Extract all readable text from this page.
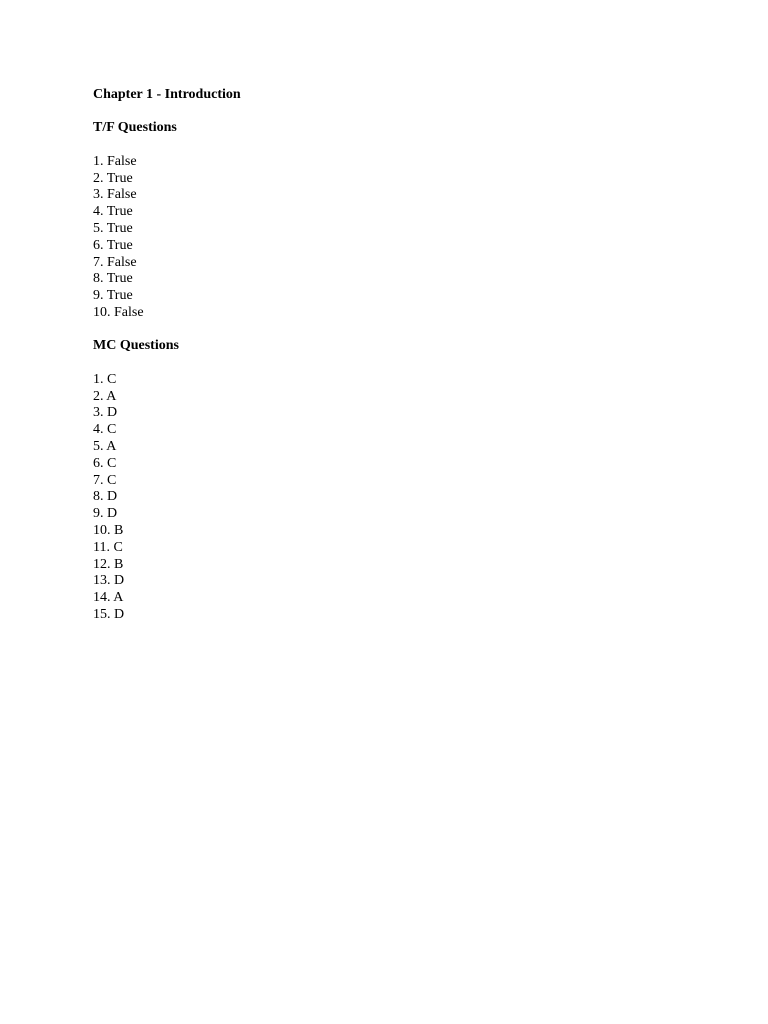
Chapter 1 - Introduction

T/F Questions

1. False
2. True
3. False
4. True
5. True
6. True
7. False
8. True
9. True
10. False

MC Questions

1. C
2. A
3. D
4. C
5. A
6. C
7. C
8. D
9. D
10. B
11. C
12. B
13. D
14. A
15. D
